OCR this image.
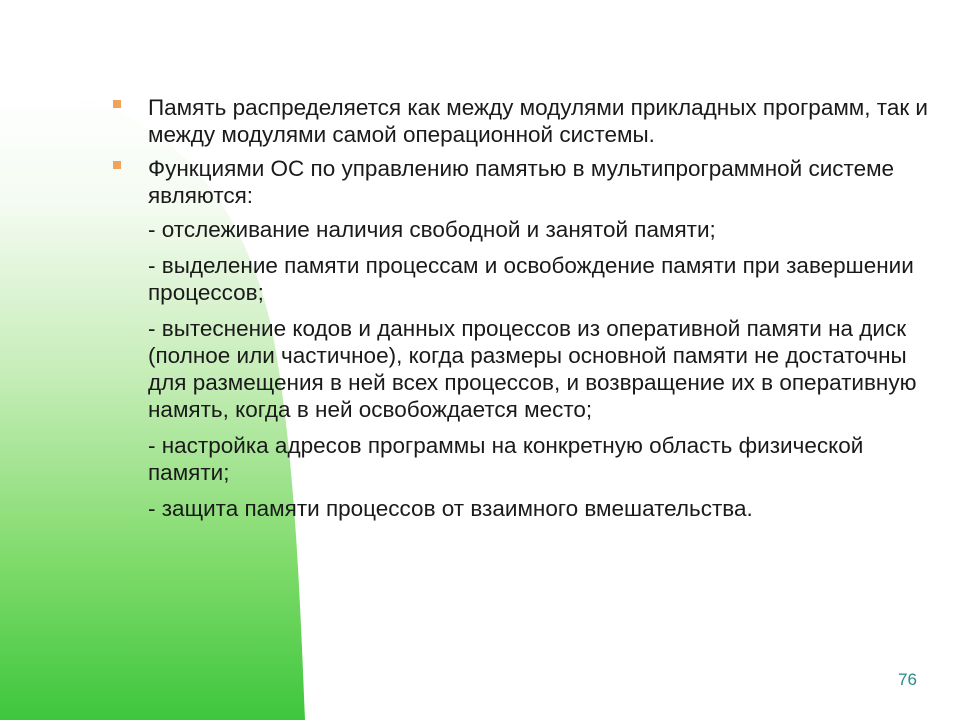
Память распределяется как между модулями прикладных программ, так и между модулями самой операционной системы.
Функциями ОС по управлению памятью в мультипрограммной системе являются:
- отслеживание наличия свободной и занятой памяти;
- выделение памяти процессам и освобождение памяти при завершении процессов;
- вытеснение кодов и данных процессов из оперативной памяти на диск (полное или частичное), когда размеры основной памяти не достаточны для размещения в ней всех процессов, и возвращение их в оперативную намять, когда в ней освобождается место;
- настройка адресов программы на конкретную область физической памяти;
- защита памяти процессов от взаимного вмешательства.
76
